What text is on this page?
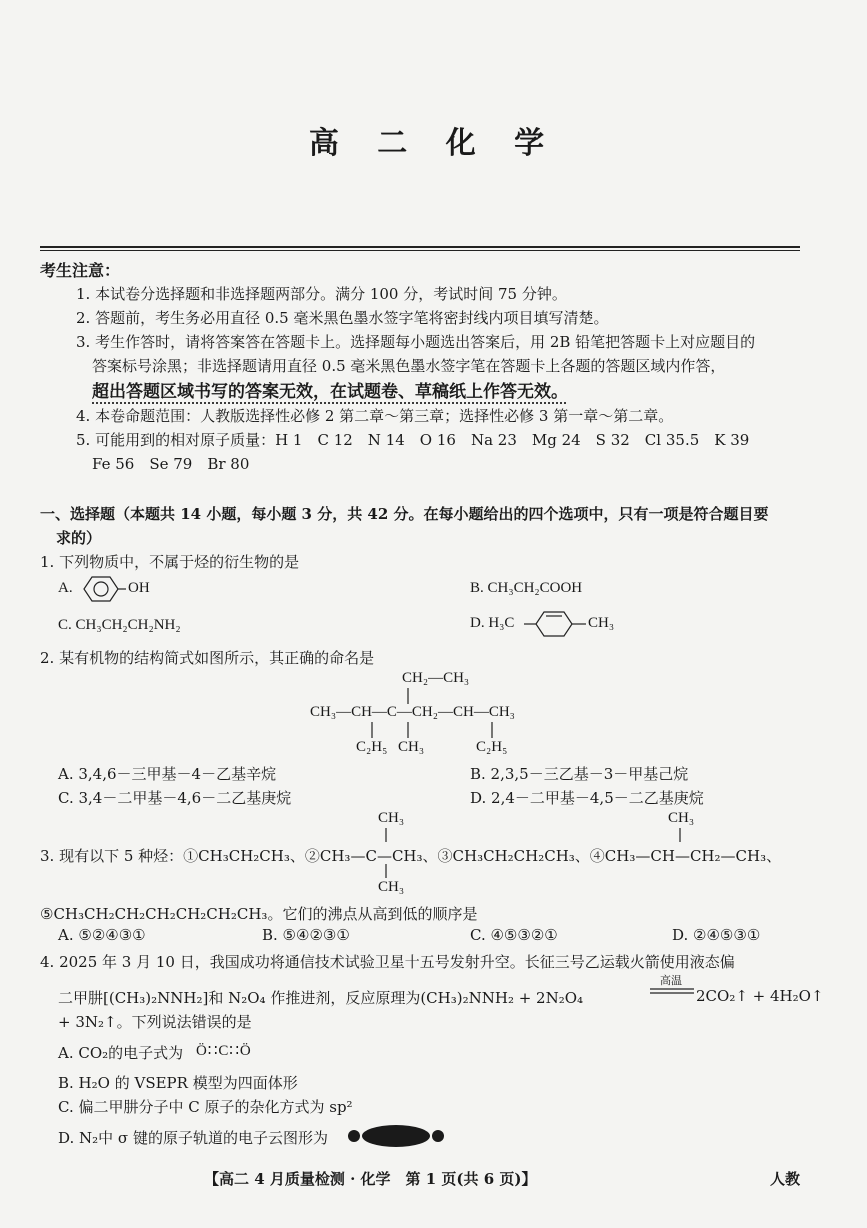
高 二 化 学
考生注意：
1. 本试卷分选择题和非选择题两部分。满分 100 分，考试时间 75 分钟。
2. 答题前，考生务必用直径 0.5 毫米黑色墨水签字笔将密封线内项目填写清楚。
3. 考生作答时，请将答案答在答题卡上。选择题每小题选出答案后，用 2B 铅笔把答题卡上对应题目的
答案标号涂黑；非选择题请用直径 0.5 毫米黑色墨水签字笔在答题卡上各题的答题区域内作答，
超出答题区域书写的答案无效，在试题卷、草稿纸上作答无效。
4. 本卷命题范围：人教版选择性必修 2 第二章～第三章；选择性必修 3 第一章～第二章。
5. 可能用到的相对原子质量：H 1　C 12　N 14　O 16　Na 23　Mg 24　S 32　Cl 35.5　K 39
Fe 56　Se 79　Br 80
一、选择题（本题共 14 小题，每小题 3 分，共 42 分。在每小题给出的四个选项中，只有一项是符合题目要
求的）
1. 下列物质中，不属于烃的衍生物的是
A.	OH	B. CH₃CH₂COOH
C. CH₃CH₂CH₂NH₂	D. H₃C	CH₃
2. 某有机物的结构简式如图所示，其正确的命名是
CH₂—CH₃
CH₃—CH—C—CH₂—CH—CH₃
C₂H₅ CH₃	C₂H₅
A. 3,4,6－三甲基－4－乙基辛烷	B. 2,3,5－三乙基－3－甲基己烷
C. 3,4－二甲基－4,6－二乙基庚烷	D. 2,4－二甲基－4,5－二乙基庚烷
CH₃	CH₃
3. 现有以下 5 种烃：①CH₃CH₂CH₃、②CH₃—C—CH₃、③CH₃CH₂CH₂CH₃、④CH₃—CH—CH₂—CH₃、
CH₃
⑤CH₃CH₂CH₂CH₂CH₂CH₂CH₃。它们的沸点从高到低的顺序是
A. ⑤②④③①	B. ⑤④②③①	C. ④⑤③②①	D. ②④⑤③①
4. 2025 年 3 月 10 日，我国成功将通信技术试验卫星十五号发射升空。长征三号乙运载火箭使用液态偏
二甲肼[(CH₃)₂NNH₂]和 N₂O₄ 作推进剂，反应原理为(CH₃)₂NNH₂ + 2N₂O₄
高温
2CO₂↑ + 4H₂O↑
+ 3N₂↑。下列说法错误的是
A. CO₂的电子式为 Ö∷C∷Ö
B. H₂O 的 VSEPR 模型为四面体形
C. 偏二甲肼分子中 C 原子的杂化方式为 sp²
D. N₂中 σ 键的原子轨道的电子云图形为
【高二 4 月质量检测 · 化学　第 1 页(共 6 页)】	人教
